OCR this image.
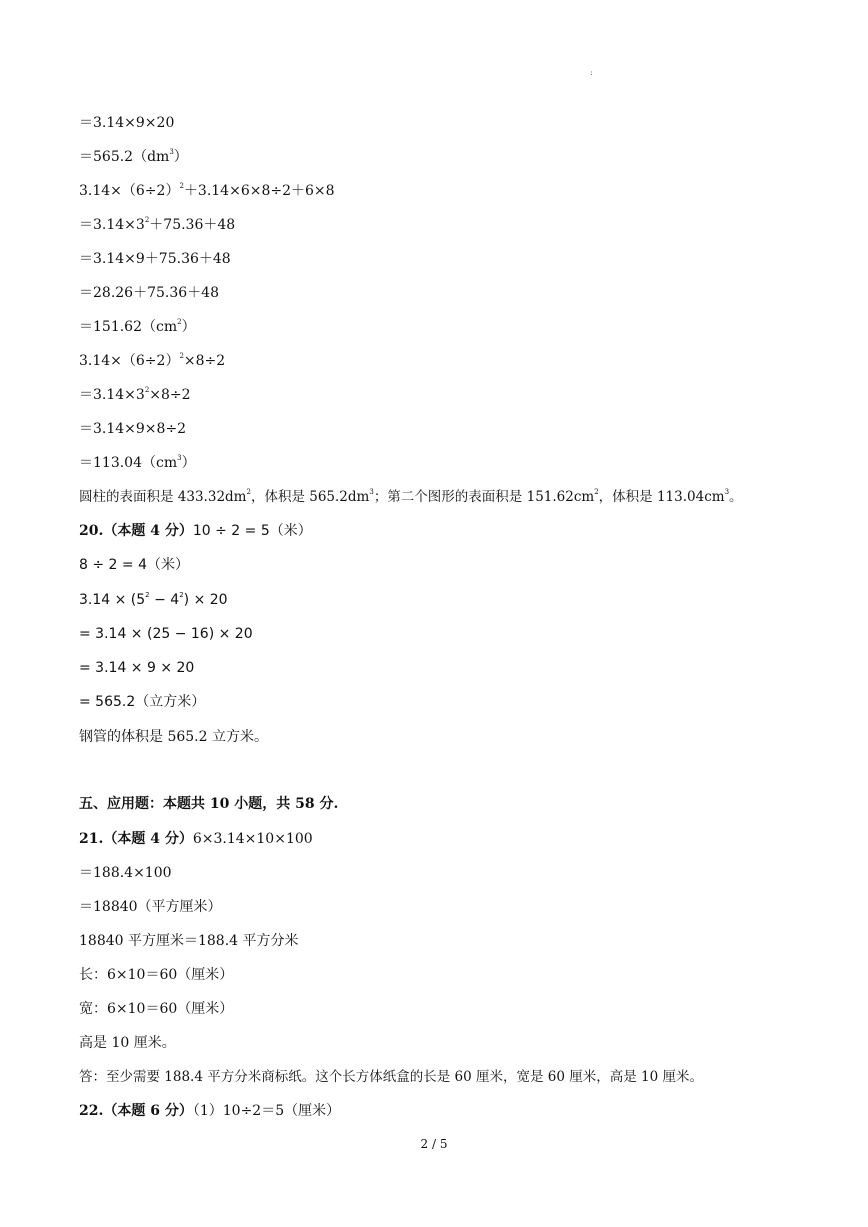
:
＝3.14×9×20
$=565.2(dm^3)$
$3.14\times(6\div 2)^2+3.14\times 6\times 8\div 2+6\times 8$
$=3.14\times 3^2+75.36+48$
＝3.14×9＋75.36＋48
＝28.26＋75.36＋48
$=151.62(cm^2)$
$3.14\times(6\div 2)^2\times 8\div 2$
$=3.14\times 3^2\times 8\div 2$
＝3.14×9×8÷2
$=113.04(cm^3)$
圆柱的表面积是 $433.32dm^2$，体积是 $565.2dm^3$；第二个图形的表面积是 $151.62cm^2$，体积是 $113.04cm^3$。
20.（本题 4 分）10 ÷ 2 = 5（米）
8 ÷ 2 = 4（米）
$3.14 \times (5^2 - 4^2) \times 20$
= 3.14 × (25 − 16) × 20
= 3.14 × 9 × 20
= 565.2（立方米）
钢管的体积是 565.2 立方米。
五、应用题：本题共 10 小题，共 58 分.
21.（本题 4 分）6×3.14×10×100
＝188.4×100
＝18840（平方厘米）
18840 平方厘米＝188.4 平方分米
长：6×10＝60（厘米）
宽：6×10＝60（厘米）
高是 10 厘米。
答：至少需要 188.4 平方分米商标纸。这个长方体纸盒的长是 60 厘米，宽是 60 厘米，高是 10 厘米。
22.（本题 6 分）（1）10÷2＝5（厘米）
2 / 5
